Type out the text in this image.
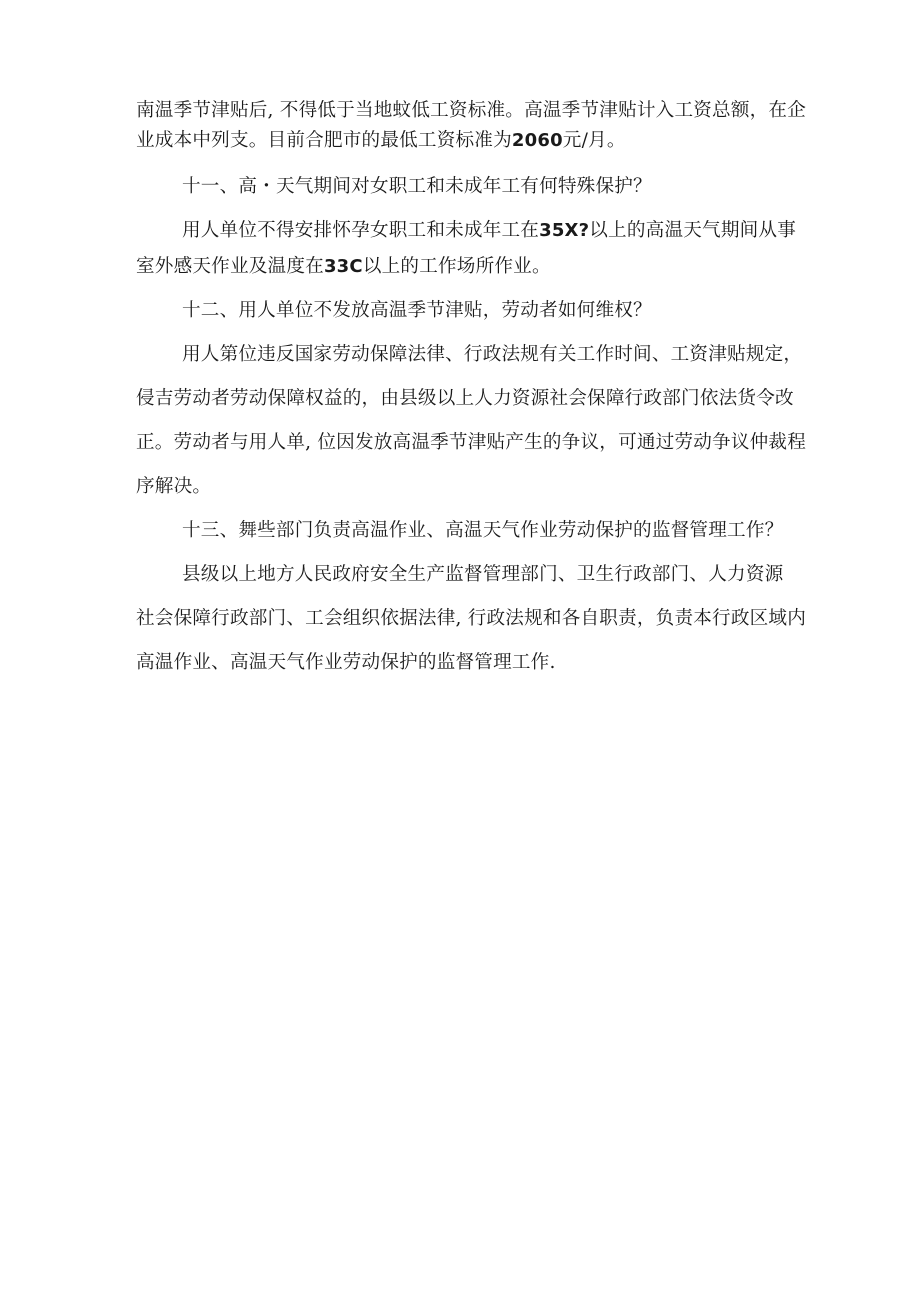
南温季节津贴后, 不得低于当地蚊低工资标准。高温季节津贴计入工资总额，在企
业成本中列支。目前合肥市的最低工资标准为2060元/月。
十一、高・天气期间对女职工和未成年工有何特殊保护？
用人单位不得安排怀孕女职工和未成年工在35X?以上的高温天气期间从事
室外感天作业及温度在33C以上的工作场所作业。
十二、用人单位不发放高温季节津贴，劳动者如何维权？
用人第位违反国家劳动保障法律、行政法规有关工作时间、工资津贴规定，
侵吉劳动者劳动保障权益的，由县级以上人力资源社会保障行政部门依法货令改
正。劳动者与用人单, 位因发放高温季节津贴产生的争议，可通过劳动争议仲裁程
序解决。
十三、舞些部门负责高温作业、高温天气作业劳动保护的监督管理工作？
县级以上地方人民政府安全生产监督管理部门、卫生行政部门、人力资源
社会保障行政部门、工会组织依据法律, 行政法规和各自职责，负责本行政区域内
高温作业、高温天气作业劳动保护的监督管理工作.
